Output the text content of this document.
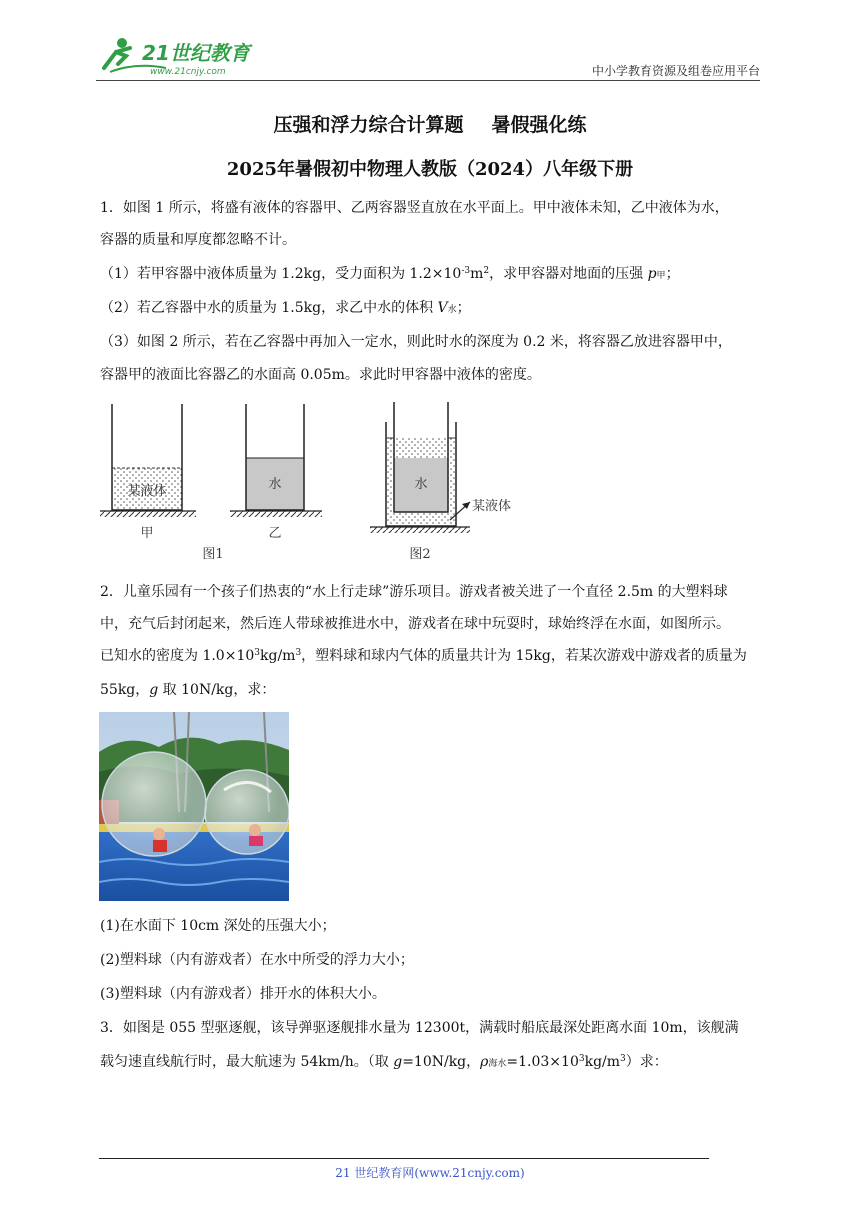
21世纪教育
www.21cnjy.com	中小学教育资源及组卷应用平台
压强和浮力综合计算题 暑假强化练
2025年暑假初中物理人教版（2024）八年级下册
1．如图 1 所示，将盛有液体的容器甲、乙两容器竖直放在水平面上。甲中液体未知，乙中液体为水，
容器的质量和厚度都忽略不计。
（1）若甲容器中液体质量为 1.2kg，受力面积为 $1.2\times 10^{-3}m^2$，求甲容器对地面的压强 p甲；
（2）若乙容器中水的质量为 1.5kg，求乙中水的体积 V水；
（3）如图 2 所示，若在乙容器中再加入一定水，则此时水的深度为 0.2 米，将容器乙放进容器甲中，
容器甲的液面比容器乙的水面高 0.05m。求此时甲容器中液体的密度。
某液体
甲
水
乙
图1
水
某液体
图2
2．儿童乐园有一个孩子们热衷的“水上行走球”游乐项目。游戏者被关进了一个直径 2.5m 的大塑料球
中，充气后封闭起来，然后连人带球被推进水中，游戏者在球中玩耍时，球始终浮在水面，如图所示。
已知水的密度为 $1.0\times 10^3kg/m^3$，塑料球和球内气体的质量共计为 15kg，若某次游戏中游戏者的质量为
55kg，g 取 10N/kg，求：
(1)在水面下 10cm 深处的压强大小；
(2)塑料球（内有游戏者）在水中所受的浮力大小；
(3)塑料球（内有游戏者）排开水的体积大小。
3．如图是 055 型驱逐舰，该导弹驱逐舰排水量为 12300t，满载时船底最深处距离水面 10m，该舰满
载匀速直线航行时，最大航速为 54km/h。（取 g=10N/kg，ρ海水$=1.03\times 10^3kg/m^3$）求：
21 世纪教育网(www.21cnjy.com)
